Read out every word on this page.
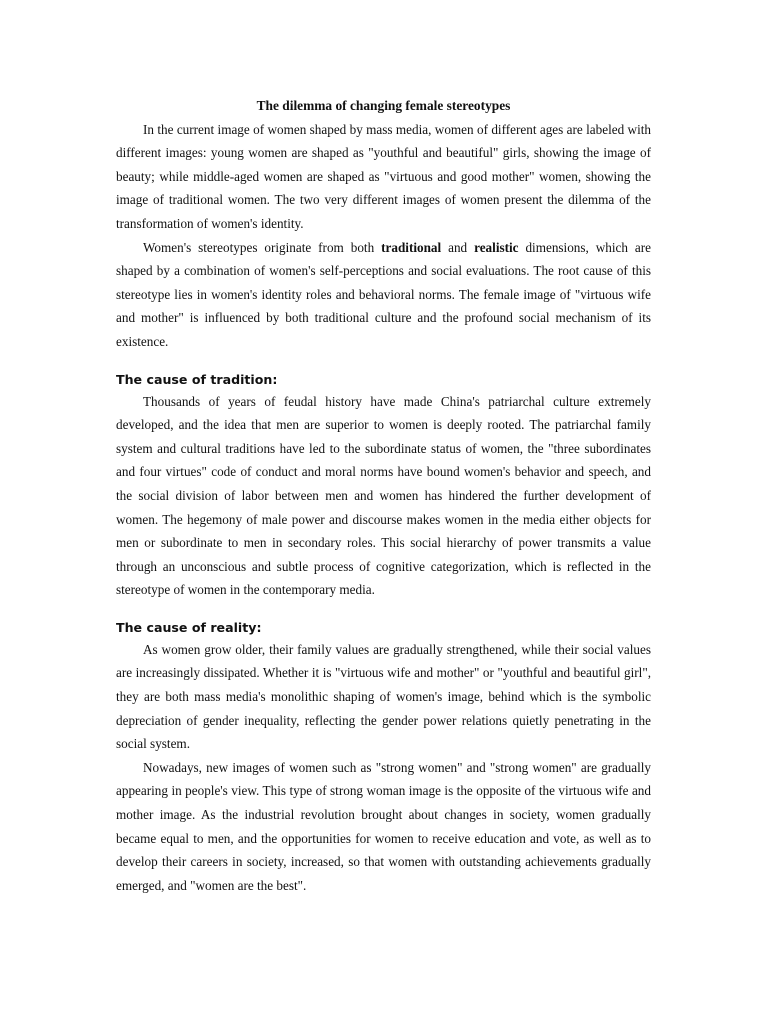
The dilemma of changing female stereotypes

In the current image of women shaped by mass media, women of different ages are labeled with different images: young women are shaped as "youthful and beautiful" girls, showing the image of beauty; while middle-aged women are shaped as "virtuous and good mother" women, showing the image of traditional women. The two very different images of women present the dilemma of the transformation of women's identity.

Women's stereotypes originate from both traditional and realistic dimensions, which are shaped by a combination of women's self-perceptions and social evaluations. The root cause of this stereotype lies in women's identity roles and behavioral norms. The female image of "virtuous wife and mother" is influenced by both traditional culture and the profound social mechanism of its existence.

The cause of tradition:

Thousands of years of feudal history have made China's patriarchal culture extremely developed, and the idea that men are superior to women is deeply rooted. The patriarchal family system and cultural traditions have led to the subordinate status of women, the "three subordinates and four virtues" code of conduct and moral norms have bound women's behavior and speech, and the social division of labor between men and women has hindered the further development of women. The hegemony of male power and discourse makes women in the media either objects for men or subordinate to men in secondary roles. This social hierarchy of power transmits a value through an unconscious and subtle process of cognitive categorization, which is reflected in the stereotype of women in the contemporary media.

The cause of reality:

As women grow older, their family values are gradually strengthened, while their social values are increasingly dissipated. Whether it is "virtuous wife and mother" or "youthful and beautiful girl", they are both mass media's monolithic shaping of women's image, behind which is the symbolic depreciation of gender inequality, reflecting the gender power relations quietly penetrating in the social system.

Nowadays, new images of women such as "strong women" and "strong women" are gradually appearing in people's view. This type of strong woman image is the opposite of the virtuous wife and mother image. As the industrial revolution brought about changes in society, women gradually became equal to men, and the opportunities for women to receive education and vote, as well as to develop their careers in society, increased, so that women with outstanding achievements gradually emerged, and "women are the best".
